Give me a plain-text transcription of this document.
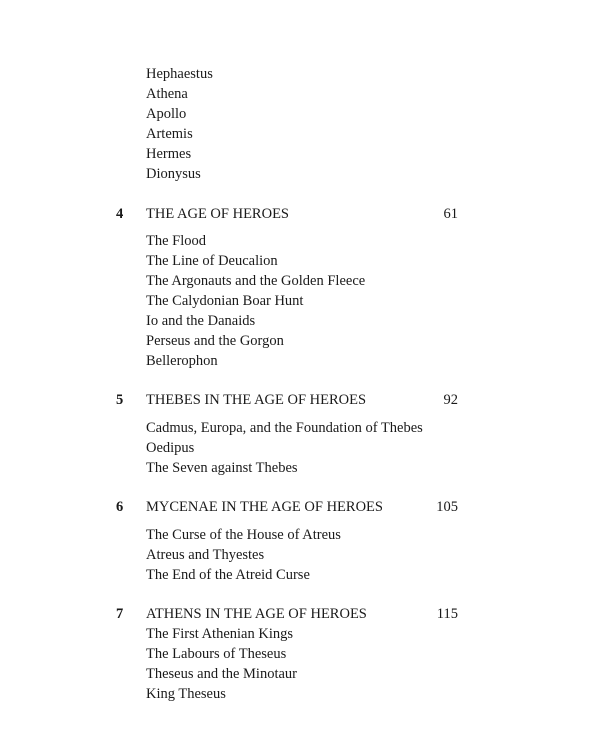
Hephaestus
Athena
Apollo
Artemis
Hermes
Dionysus
4 THE AGE OF HEROES	61
The Flood
The Line of Deucalion
The Argonauts and the Golden Fleece
The Calydonian Boar Hunt
Io and the Danaids
Perseus and the Gorgon
Bellerophon
5 THEBES IN THE AGE OF HEROES	92
Cadmus, Europa, and the Foundation of Thebes
Oedipus
The Seven against Thebes
6 MYCENAE IN THE AGE OF HEROES	105
The Curse of the House of Atreus
Atreus and Thyestes
The End of the Atreid Curse
7 ATHENS IN THE AGE OF HEROES	115
The First Athenian Kings
The Labours of Theseus
Theseus and the Minotaur
King Theseus
